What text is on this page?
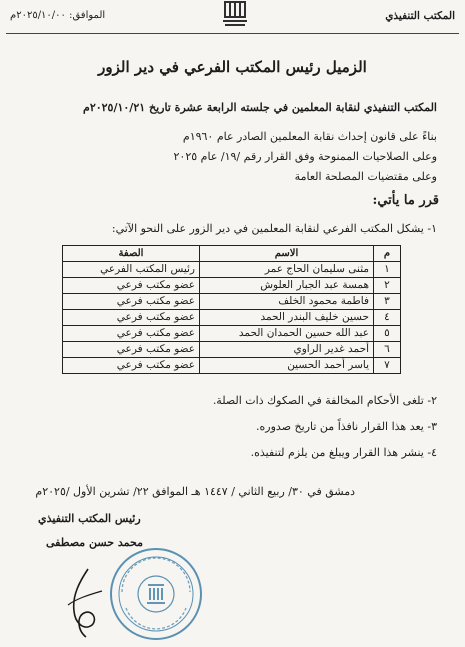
الموافق: ٢٠٢٥/١٠/٠٠م	المكتب التنفيذي
الزميل رئيس المكتب الفرعي في دير الزور
المكتب التنفيذي لنقابة المعلمين في جلسته الرابعة عشرة تاريخ ٢٠٢٥/١٠/٢١م
بناءً على قانون إحداث نقابة المعلمين الصادر عام ١٩٦٠م
وعلى الصلاحيات الممنوحة وفق القرار رقم /١٩/ عام ٢٠٢٥
وعلى مقتضيات المصلحة العامة
قرر ما يأتي:
١- يشكل المكتب الفرعي لنقابة المعلمين في دير الزور على النحو الآتي:
م	الاسم	الصفة
١	مثنى سليمان الحاج عمر	رئيس المكتب الفرعي
٢	همسة عبد الجبار العلوش	عضو مكتب فرعي
٣	فاطمة محمود الخلف	عضو مكتب فرعي
٤	حسين خليف البندر الحمد	عضو مكتب فرعي
٥	عبد الله حسين الحمدان الحمد	عضو مكتب فرعي
٦	أحمد غدير الراوي	عضو مكتب فرعي
٧	ياسر أحمد الحسين	عضو مكتب فرعي
٢- تلغى الأحكام المخالفة في الصكوك ذات الصلة.
٣- يعد هذا القرار نافذاً من تاريخ صدوره.
٤- ينشر هذا القرار ويبلغ من يلزم لتنفيذه.
دمشق في ٣٠/ ربيع الثاني / ١٤٤٧ هـ الموافق ٢٢/ تشرين الأول /٢٠٢٥م
رئيس المكتب التنفيذي
محمد حسن مصطفى
